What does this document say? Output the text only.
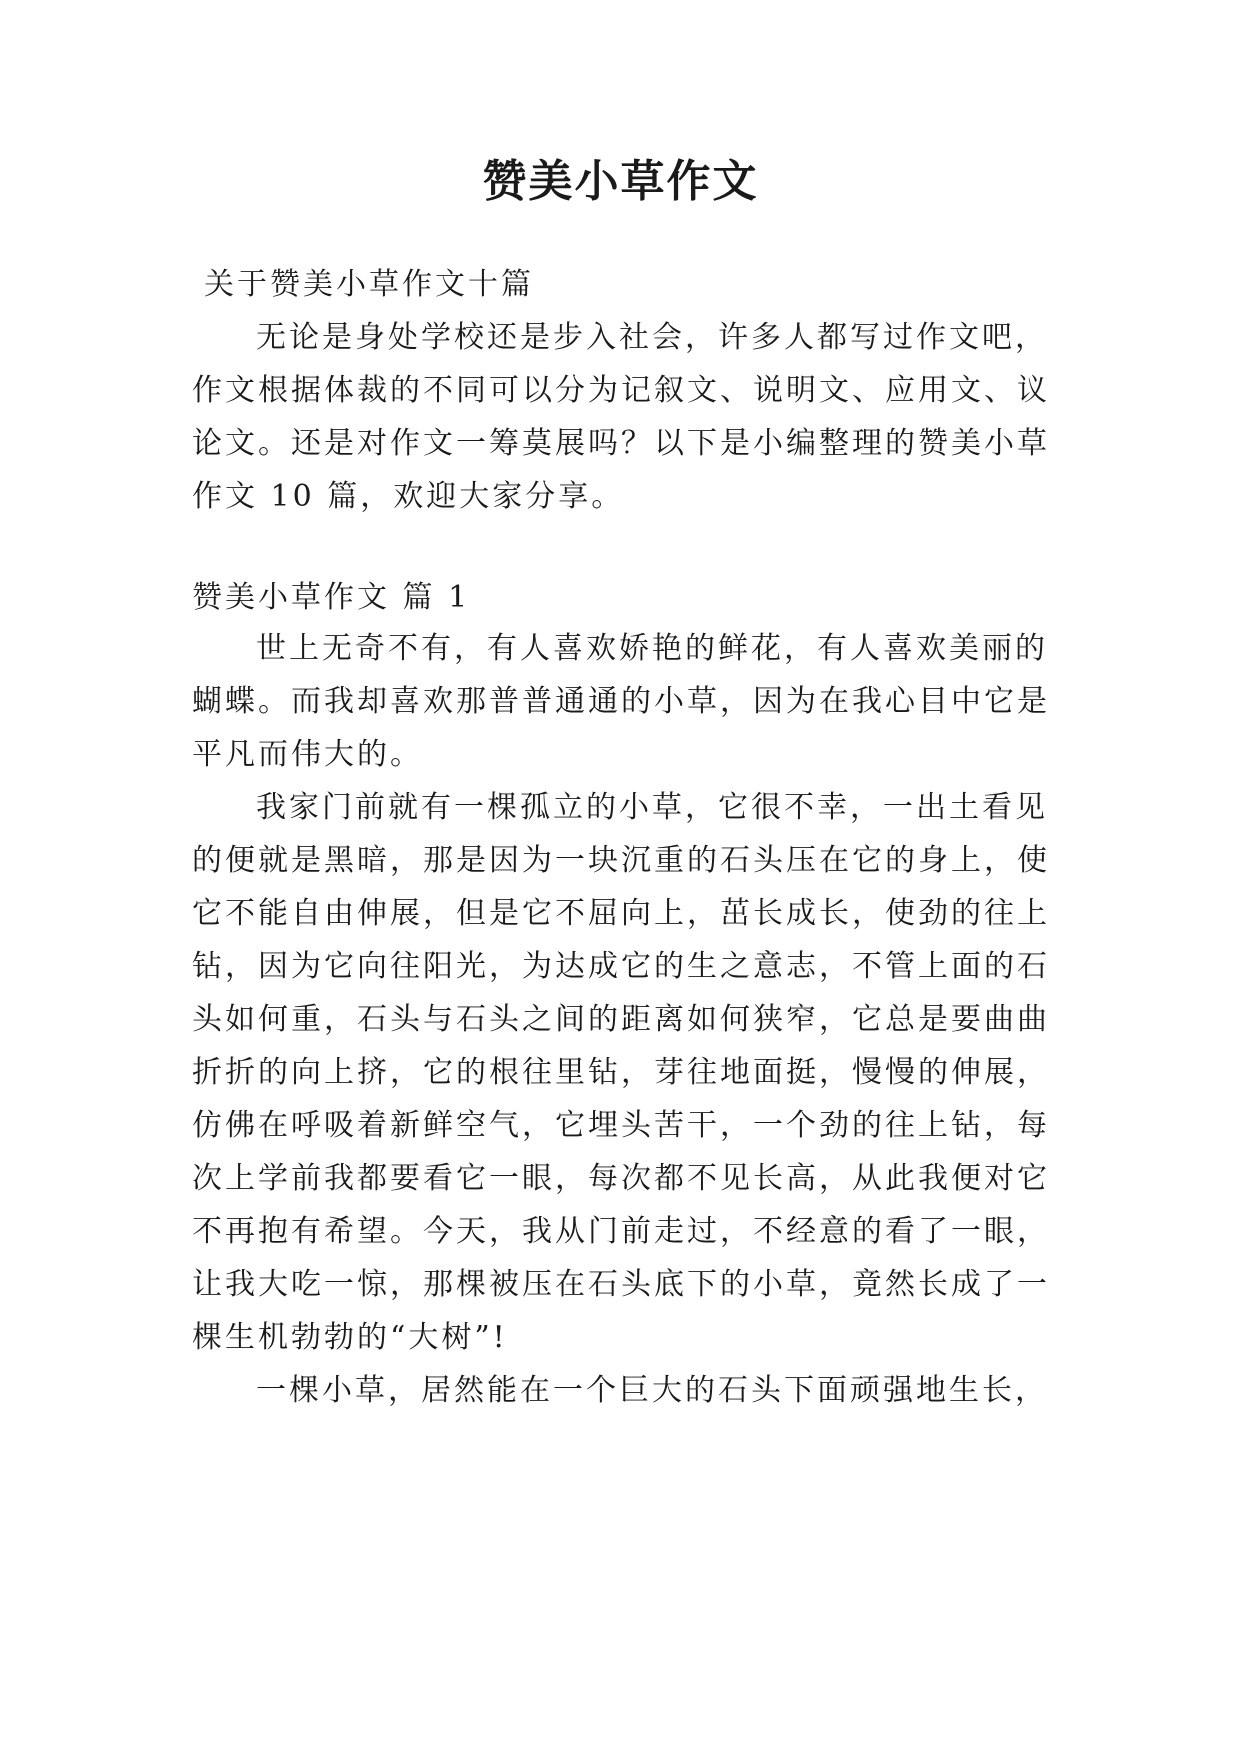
赞美小草作文

关于赞美小草作文十篇

无论是身处学校还是步入社会，许多人都写过作文吧，

作文根据体裁的不同可以分为记叙文、说明文、应用文、议

论文。还是对作文一筹莫展吗？以下是小编整理的赞美小草

作文 10 篇，欢迎大家分享。

赞美小草作文 篇 1

世上无奇不有，有人喜欢娇艳的鲜花，有人喜欢美丽的

蝴蝶。而我却喜欢那普普通通的小草，因为在我心目中它是

平凡而伟大的。

我家门前就有一棵孤立的小草，它很不幸，一出土看见

的便就是黑暗，那是因为一块沉重的石头压在它的身上，使

它不能自由伸展，但是它不屈向上，茁长成长，使劲的往上

钻，因为它向往阳光，为达成它的生之意志，不管上面的石

头如何重，石头与石头之间的距离如何狭窄，它总是要曲曲

折折的向上挤，它的根往里钻，芽往地面挺，慢慢的伸展，

仿佛在呼吸着新鲜空气，它埋头苦干，一个劲的往上钻，每

次上学前我都要看它一眼，每次都不见长高，从此我便对它

不再抱有希望。今天，我从门前走过，不经意的看了一眼，

让我大吃一惊，那棵被压在石头底下的小草，竟然长成了一

棵生机勃勃的“大树”!

一棵小草，居然能在一个巨大的石头下面顽强地生长，
